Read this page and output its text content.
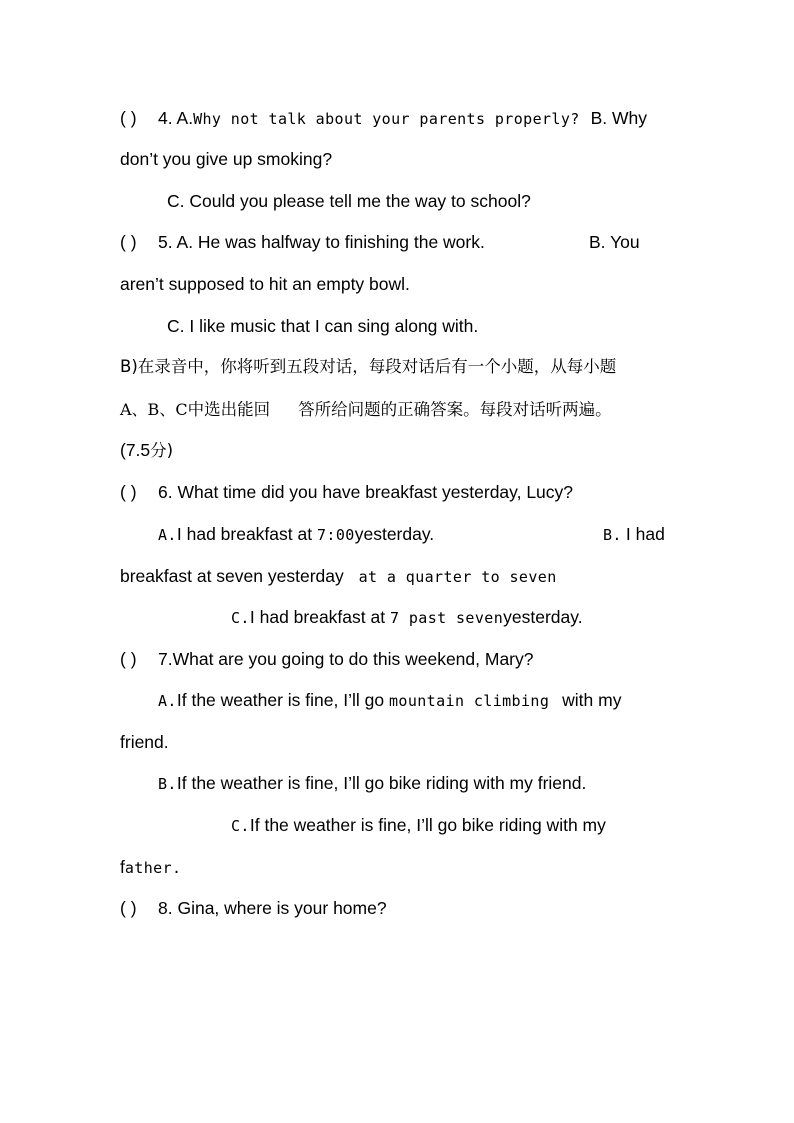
( ) 4. A.Why not talk about your parents properly? B. Why
don’t you give up smoking?
C. Could you please tell me the way to school?
( ) 5. A. He was halfway to finishing the work.	B. You
aren’t supposed to hit an empty bowl.
C. I like music that I can sing along with.
B)在录音中，你将听到五段对话，每段对话后有一个小题，从每小题
A、B、C中选出能回 答所给问题的正确答案。每段对话听两遍。
(7.5分)
( ) 6. What time did you have breakfast yesterday, Lucy?
A.I had breakfast at 7:00yesterday.	B. I had
breakfast at seven yesterday at a quarter to seven
C.I had breakfast at 7 past sevenyesterday.
( ) 7.What are you going to do this weekend, Mary?
A.If the weather is fine, I’ll go mountain climbing with my
friend.
B.If the weather is fine, I’ll go bike riding with my friend.
C.If the weather is fine, I’ll go bike riding with my
father.
( ) 8. Gina, where is your home?
